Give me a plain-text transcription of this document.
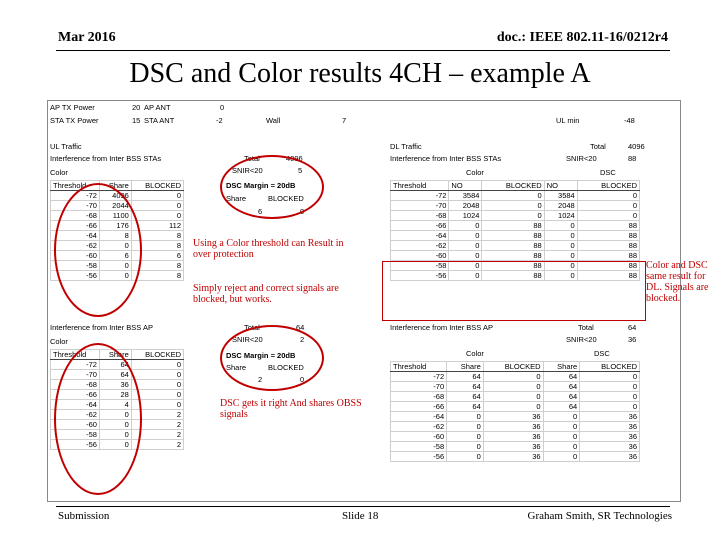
Mar 2016	doc.: IEEE 802.11-16/0212r4
DSC and Color results 4CH – example A
AP TX Power	20 AP ANT	0
STA TX Power	15 STA ANT	-2	Wall	7	UL min	-48
UL Traffic
Interference from Inter BSS STAs	Total	4096
SNIR<20	5
Color
Threshold	Share	BLOCKED
-72	4096	0
-70	2044	0
-68	1100	0
-66	176	112
-64	8	8
-62	0	8
-60	6	6
-58	0	8
-56	0	8
DSC Margin = 20dB
Share	BLOCKED
6	0
DL Traffic	Total	4096
Interference from Inter BSS STAs	SNIR<20	88
Color	DSC
Threshold	NO	BLOCKED	NO	BLOCKED
-72	3584	0	3584	0
-70	2048	0	2048	0
-68	1024	0	1024	0
-66	0	88	0	88
-64	0	88	0	88
-62	0	88	0	88
-60	0	88	0	88
-58	0	88	0	88
-56	0	88	0	88
Interference from Inter BSS AP	Total	64
SNIR<20	2
Color
Threshold	Share	BLOCKED
-72	64	0
-70	64	0
-68	36	0
-66	28	0
-64	4	0
-62	0	2
-60	0	2
-58	0	2
-56	0	2
DSC Margin = 20dB
Share	BLOCKED
2	0
Interference from Inter BSS AP	Total	64
SNIR<20	36
Color	DSC
Threshold	Share	BLOCKED	Share	BLOCKED
-72	64	0	64	0
-70	64	0	64	0
-68	64	0	64	0
-66	64	0	64	0
-64	0	36	0	36
-62	0	36	0	36
-60	0	36	0	36
-58	0	36	0	36
-56	0	36	0	36
Using a Color threshold can Result in over protection
Simply reject and correct signals are blocked, but works.
DSC gets it right And shares OBSS signals
Color and DSC same result for DL. Signals are blocked.
Submission	Slide 18	Graham Smith, SR Technologies
